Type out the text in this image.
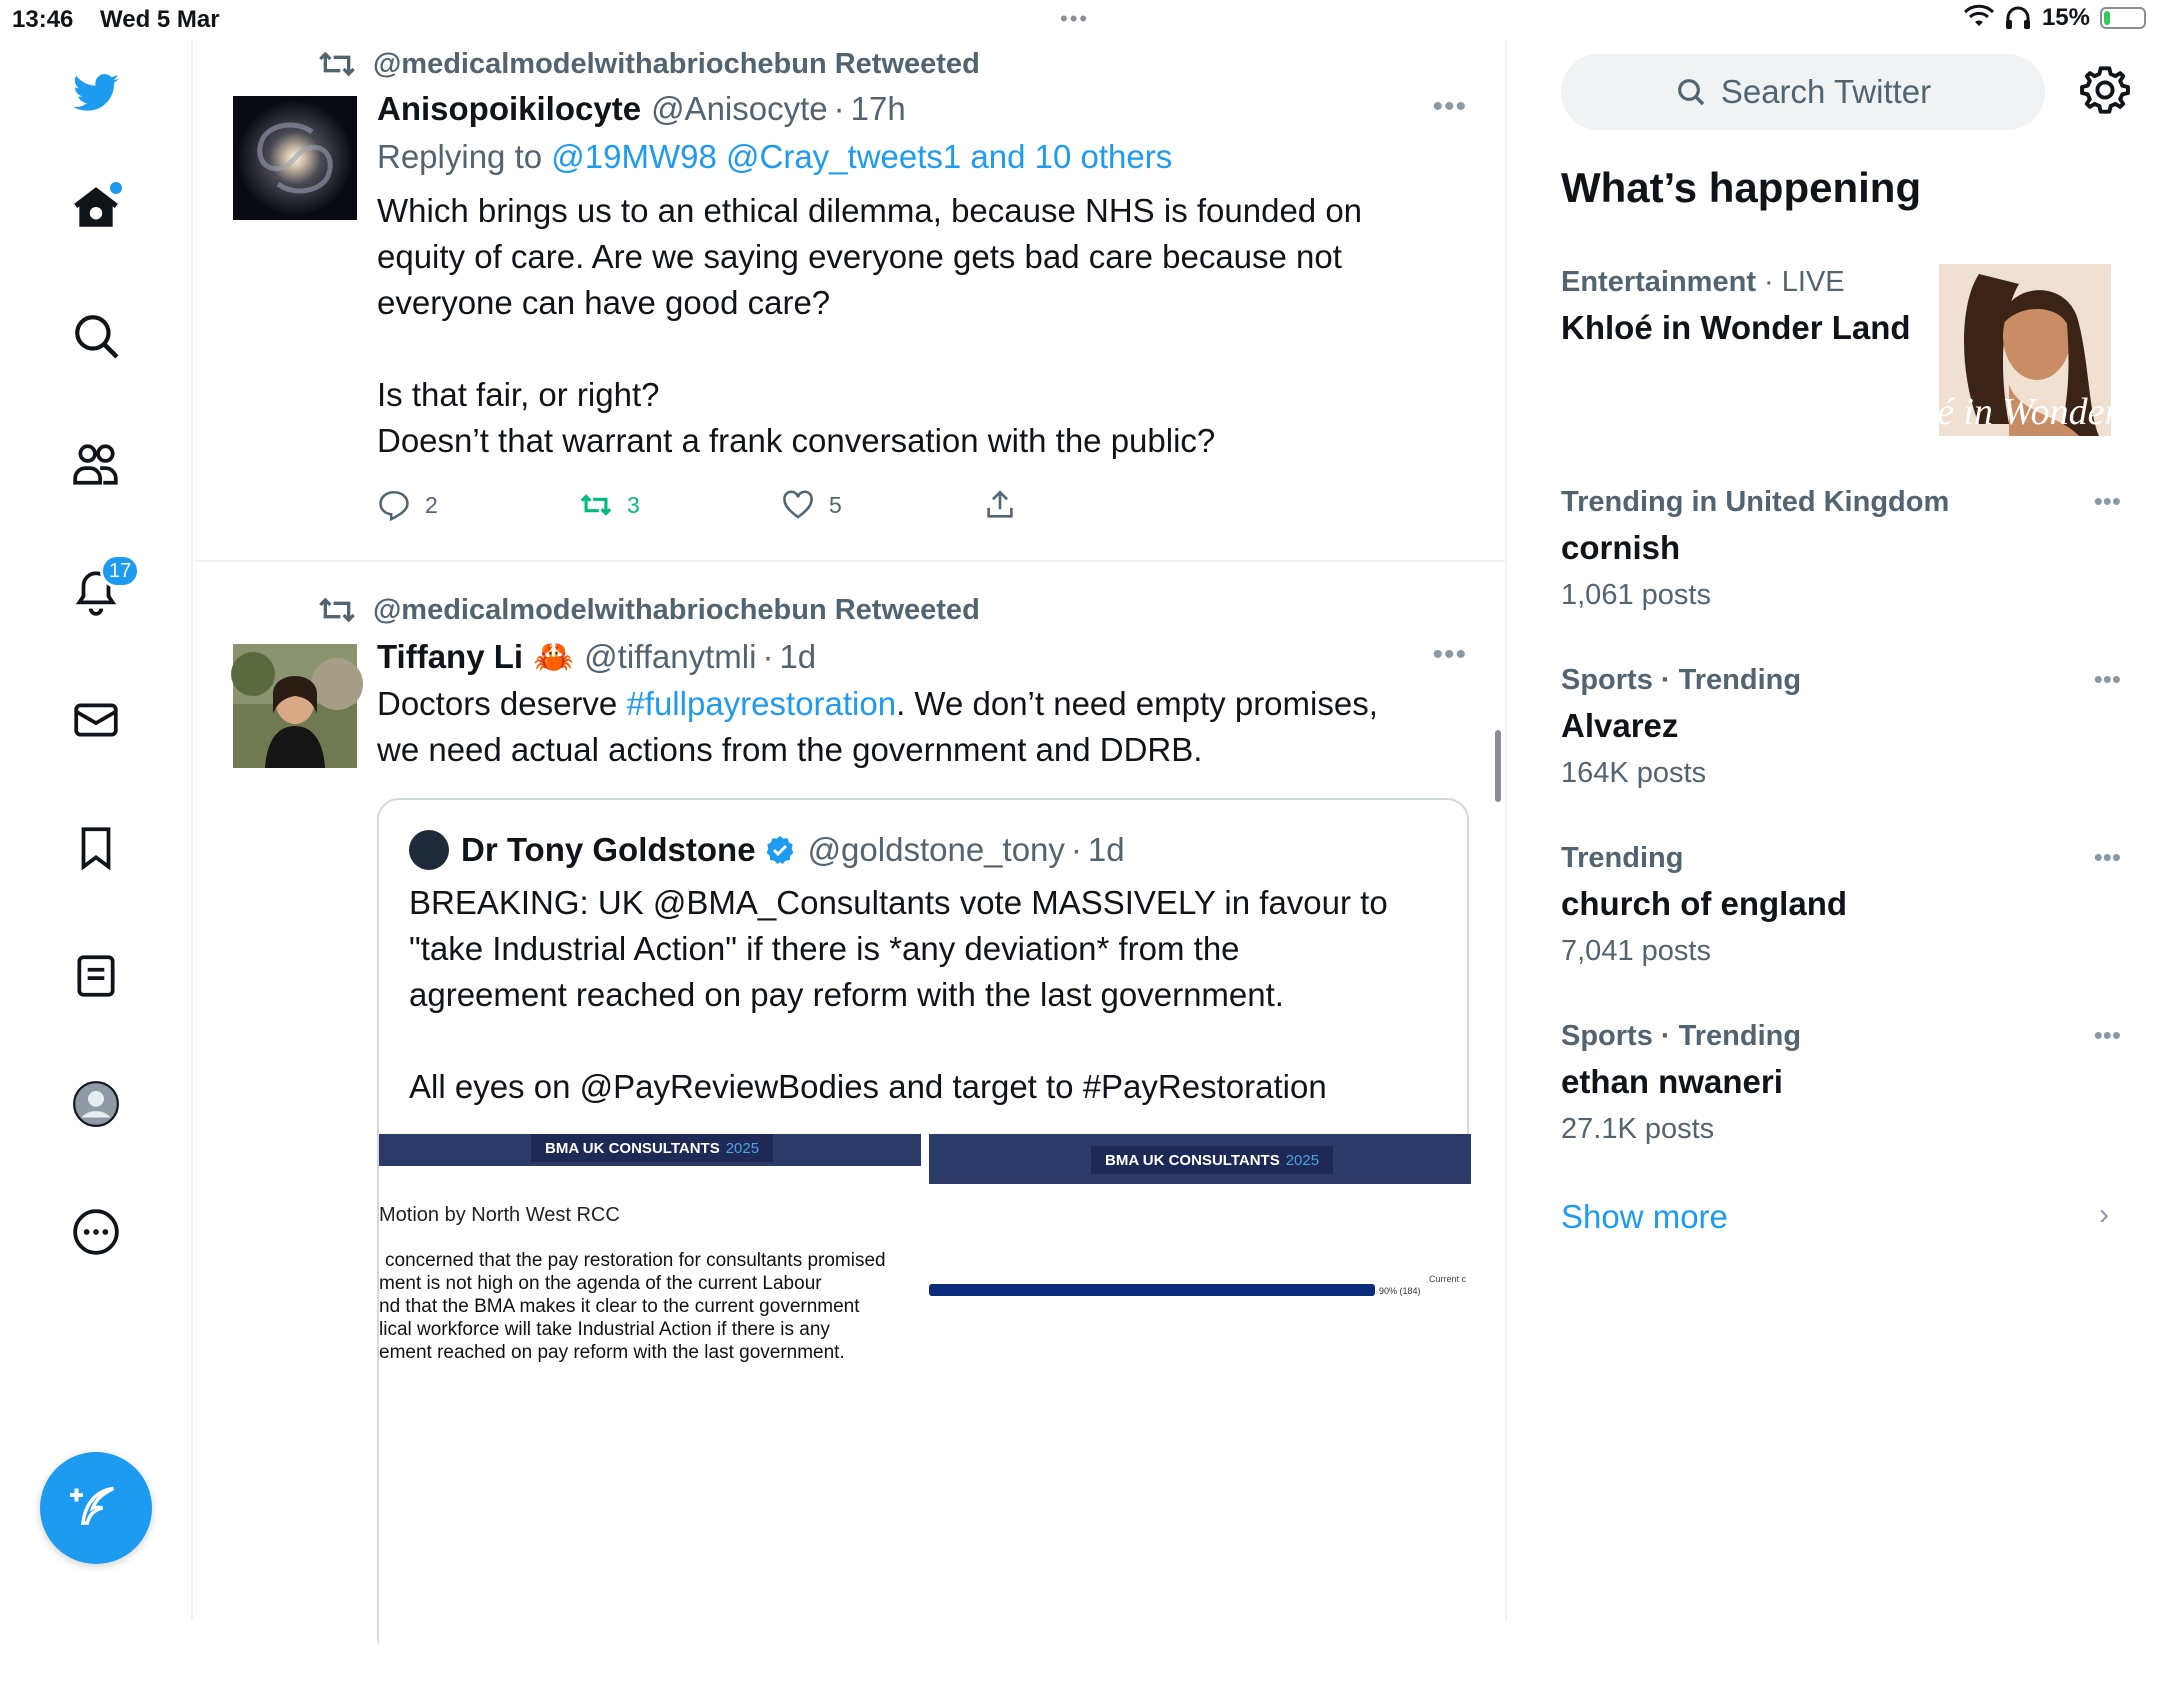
13:46 Wed 5 Mar	•••	15%
17
@medicalmodelwithabriochebun Retweeted
Anisopoikilocyte @Anisocyte · 17h	•••
Replying to @19MW98 @Cray_tweets1 and 10 others
Which brings us to an ethical dilemma, because NHS is founded on
equity of care. Are we saying everyone gets bad care because not
everyone can have good care?
Is that fair, or right?
Doesn’t that warrant a frank conversation with the public?
2	3	5
@medicalmodelwithabriochebun Retweeted
Tiffany Li 🦀 @tiffanytmli · 1d	•••
Doctors deserve #fullpayrestoration. We don’t need empty promises,
we need actual actions from the government and DDRB.
Dr Tony Goldstone @goldstone_tony · 1d
BREAKING: UK @BMA_Consultants vote MASSIVELY in favour to
"take Industrial Action" if there is *any deviation* from the
agreement reached on pay reform with the last government.
All eyes on @PayReviewBodies and target to #PayRestoration
BMA UK CONSULTANTS 2025
Motion by North West RCC
concerned that the pay restoration for consultants promised
ment is not high on the agenda of the current Labour
nd that the BMA makes it clear to the current government
lical workforce will take Industrial Action if there is any
ement reached on pay reform with the last government.
BMA UK CONSULTANTS 2025
90% (184)
Current c
Search Twitter
What’s happening
Entertainment · LIVE
Khloé in Wonder Land
é in Wonder L
Trending in United Kingdom
cornish
1,061 posts
•••
Sports · Trending
Alvarez
164K posts
•••
Trending
church of england
7,041 posts
•••
Sports · Trending
ethan nwaneri
27.1K posts
•••
Show more	›
